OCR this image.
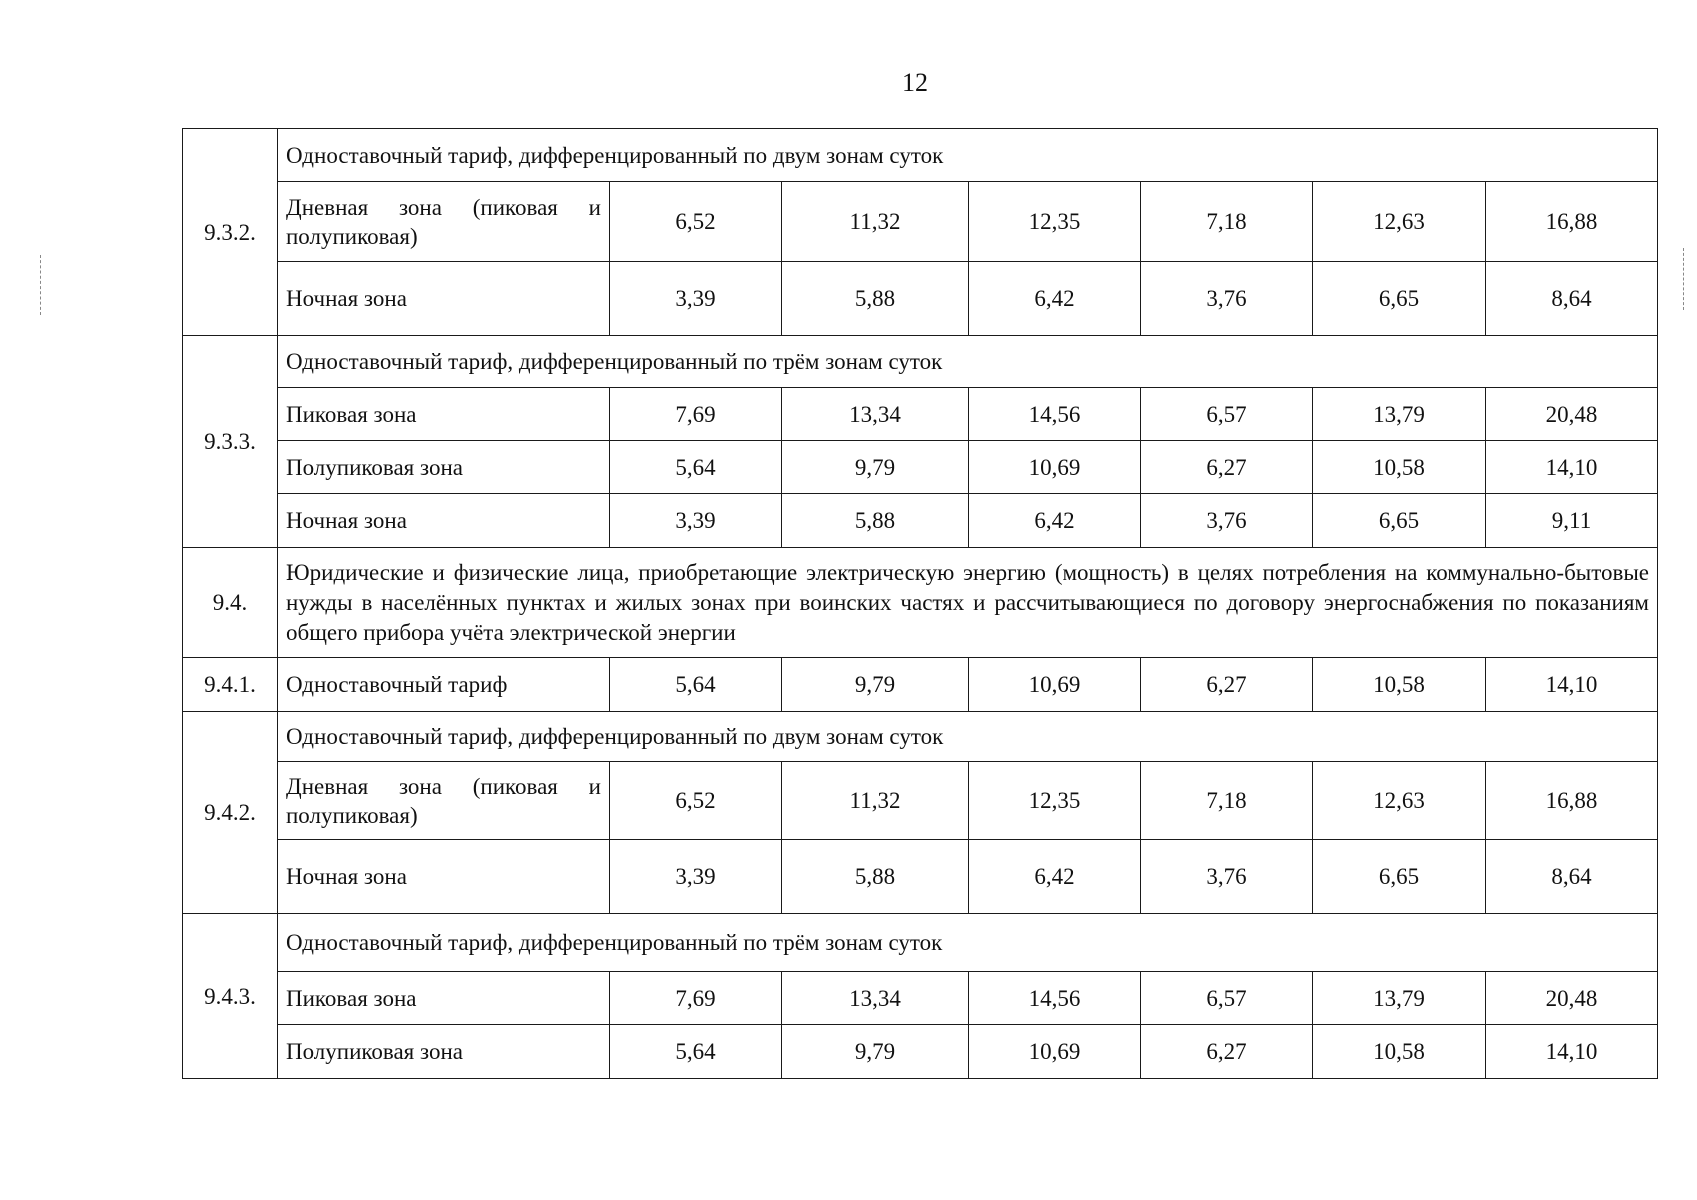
12
9.3.2.	Одноставочный тариф, дифференцированный по двум зонам суток						
	Дневная зона (пиковая и полупиковая)	6,52	11,32	12,35	7,18	12,63	16,88
	Ночная зона	3,39	5,88	6,42	3,76	6,65	8,64
9.3.3.	Одноставочный тариф, дифференцированный по трём зонам суток						
	Пиковая зона	7,69	13,34	14,56	6,57	13,79	20,48
	Полупиковая зона	5,64	9,79	10,69	6,27	10,58	14,10
	Ночная зона	3,39	5,88	6,42	3,76	6,65	9,11
9.4.	Юридические и физические лица, приобретающие электрическую энергию (мощность) в целях потребления на коммунально-бытовые нужды в населённых пунктах и жилых зонах при воинских частях и рассчитывающиеся по договору энергоснабжения по показаниям общего прибора учёта электрической энергии						
9.4.1.	Одноставочный тариф	5,64	9,79	10,69	6,27	10,58	14,10
9.4.2.	Одноставочный тариф, дифференцированный по двум зонам суток						
	Дневная зона (пиковая и полупиковая)	6,52	11,32	12,35	7,18	12,63	16,88
	Ночная зона	3,39	5,88	6,42	3,76	6,65	8,64
9.4.3.	Одноставочный тариф, дифференцированный по трём зонам суток						
	Пиковая зона	7,69	13,34	14,56	6,57	13,79	20,48
	Полупиковая зона	5,64	9,79	10,69	6,27	10,58	14,10
